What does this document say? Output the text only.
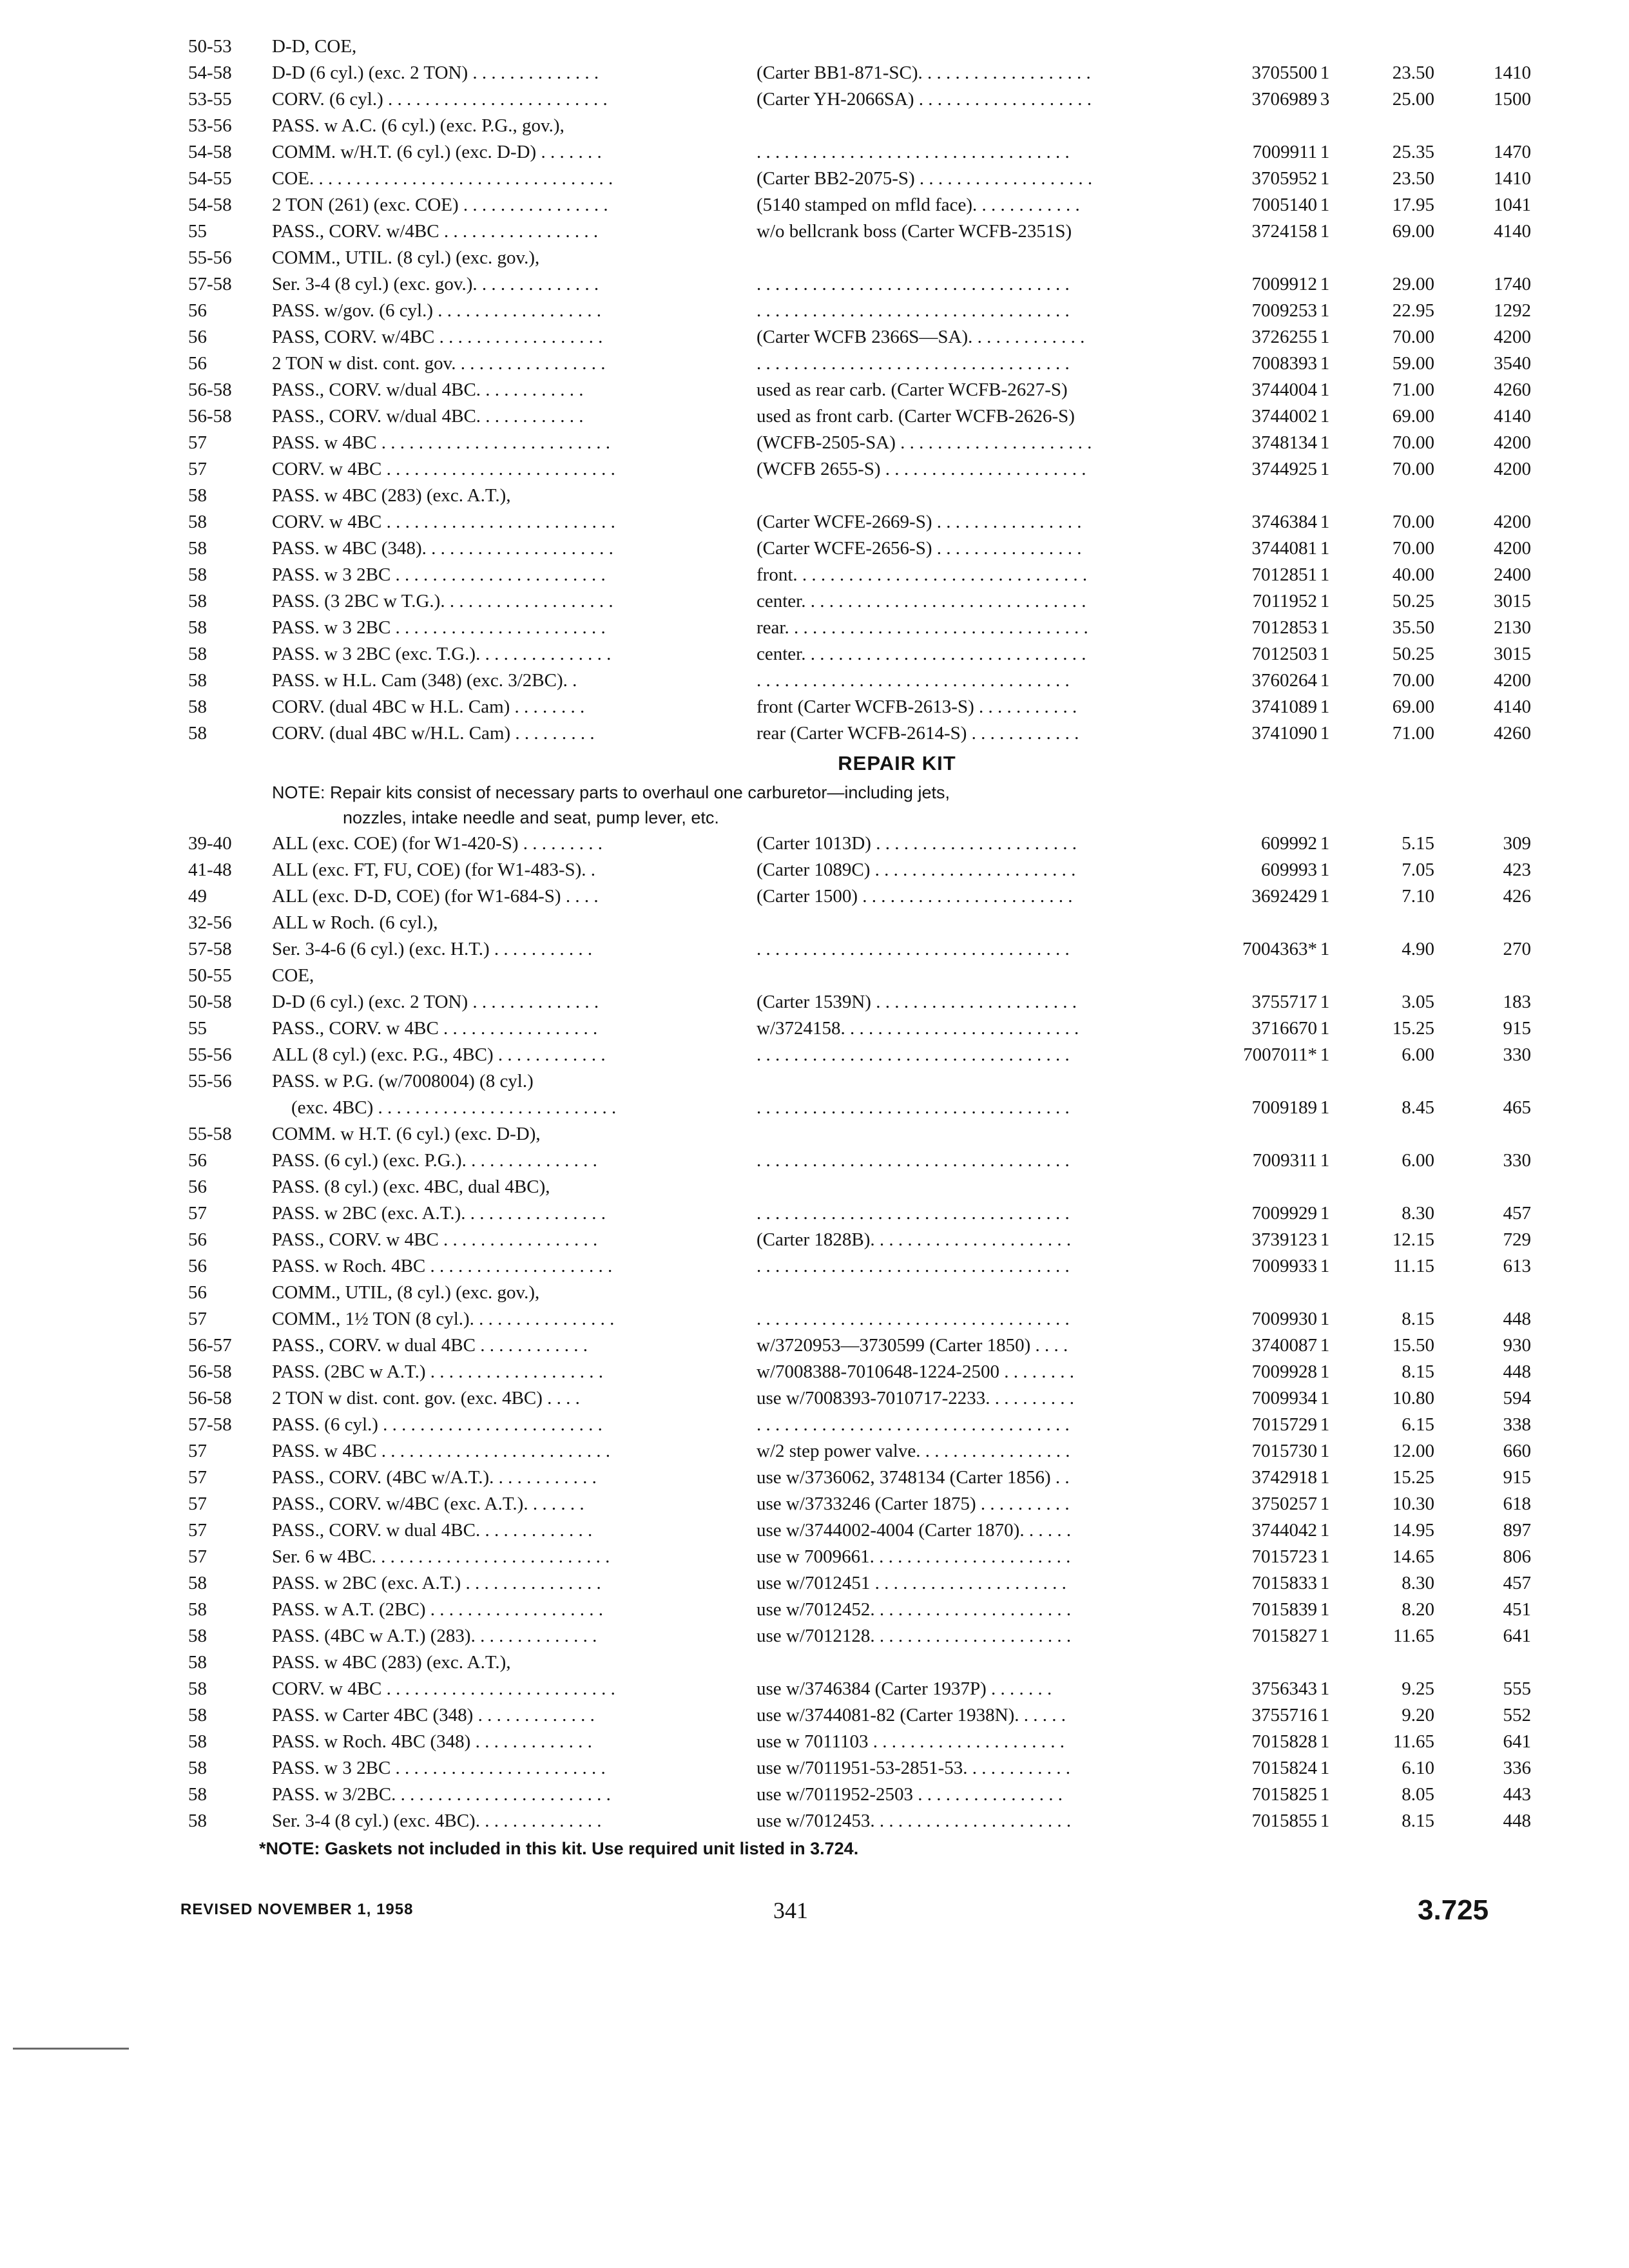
50-53 D-D, COE,
54-58 D-D (6 cyl.) (exc. 2 TON) . . . . . . . . . . . . . .	(Carter BB1-871-SC). . . . . . . . . . . . . . . . . . .	3705500 1	23.50	1410
53-55 CORV. (6 cyl.) . . . . . . . . . . . . . . . . . . . . . . . .	(Carter YH-2066SA) . . . . . . . . . . . . . . . . . . .	3706989 3	25.00	1500
53-56 PASS. w A.C. (6 cyl.) (exc. P.G., gov.),
54-58 COMM. w/H.T. (6 cyl.) (exc. D-D) . . . . . . .	. . . . . . . . . . . . . . . . . . . . . . . . . . . . . . . . . .	7009911 1	25.35	1470
54-55 COE. . . . . . . . . . . . . . . . . . . . . . . . . . . . . . . . .	(Carter BB2-2075-S) . . . . . . . . . . . . . . . . . . .	3705952 1	23.50	1410
54-58 2 TON (261) (exc. COE) . . . . . . . . . . . . . . . .	(5140 stamped on mfld face). . . . . . . . . . . .	7005140 1	17.95	1041
55	PASS., CORV. w/4BC . . . . . . . . . . . . . . . . .	w/o bellcrank boss (Carter WCFB-2351S)	3724158 1	69.00	4140
55-56 COMM., UTIL. (8 cyl.) (exc. gov.),
57-58 Ser. 3-4 (8 cyl.) (exc. gov.). . . . . . . . . . . . . .	. . . . . . . . . . . . . . . . . . . . . . . . . . . . . . . . . .	7009912 1	29.00	1740
56	PASS. w/gov. (6 cyl.) . . . . . . . . . . . . . . . . . .	. . . . . . . . . . . . . . . . . . . . . . . . . . . . . . . . . .	7009253 1	22.95	1292
56	PASS, CORV. w/4BC . . . . . . . . . . . . . . . . . .	(Carter WCFB 2366S—SA). . . . . . . . . . . . .	3726255 1	70.00	4200
56	2 TON w dist. cont. gov. . . . . . . . . . . . . . . . .	. . . . . . . . . . . . . . . . . . . . . . . . . . . . . . . . . .	7008393 1	59.00	3540
56-58 PASS., CORV. w/dual 4BC. . . . . . . . . . . .	used as rear carb. (Carter WCFB-2627-S)	3744004 1	71.00	4260
56-58 PASS., CORV. w/dual 4BC. . . . . . . . . . . .	used as front carb. (Carter WCFB-2626-S)	3744002 1	69.00	4140
57	PASS. w 4BC . . . . . . . . . . . . . . . . . . . . . . . . .	(WCFB-2505-SA) . . . . . . . . . . . . . . . . . . . . .	3748134 1	70.00	4200
57	CORV. w 4BC . . . . . . . . . . . . . . . . . . . . . . . . .	(WCFB 2655-S) . . . . . . . . . . . . . . . . . . . . . .	3744925 1	70.00	4200
58	PASS. w 4BC (283) (exc. A.T.),
58	CORV. w 4BC . . . . . . . . . . . . . . . . . . . . . . . . .	(Carter WCFE-2669-S) . . . . . . . . . . . . . . . .	3746384 1	70.00	4200
58	PASS. w 4BC (348). . . . . . . . . . . . . . . . . . . . .	(Carter WCFE-2656-S) . . . . . . . . . . . . . . . .	3744081 1	70.00	4200
58	PASS. w 3 2BC . . . . . . . . . . . . . . . . . . . . . . .	front. . . . . . . . . . . . . . . . . . . . . . . . . . . . . . . .	7012851 1	40.00	2400
58	PASS. (3 2BC w T.G.). . . . . . . . . . . . . . . . . . .	center. . . . . . . . . . . . . . . . . . . . . . . . . . . . . . .	7011952 1	50.25	3015
58	PASS. w 3 2BC . . . . . . . . . . . . . . . . . . . . . . .	rear. . . . . . . . . . . . . . . . . . . . . . . . . . . . . . . . .	7012853 1	35.50	2130
58	PASS. w 3 2BC (exc. T.G.). . . . . . . . . . . . . . .	center. . . . . . . . . . . . . . . . . . . . . . . . . . . . . . .	7012503 1	50.25	3015
58	PASS. w H.L. Cam (348) (exc. 3/2BC). .	. . . . . . . . . . . . . . . . . . . . . . . . . . . . . . . . . .	3760264 1	70.00	4200
58	CORV. (dual 4BC w H.L. Cam) . . . . . . . .	front (Carter WCFB-2613-S) . . . . . . . . . . .	3741089 1	69.00	4140
58	CORV. (dual 4BC w/H.L. Cam) . . . . . . . . .	rear (Carter WCFB-2614-S) . . . . . . . . . . . .	3741090 1	71.00	4260
REPAIR KIT
NOTE: Repair kits consist of necessary parts to overhaul one carburetor—including jets,
nozzles, intake needle and seat, pump lever, etc.
39-40 ALL (exc. COE) (for W1-420-S) . . . . . . . . .	(Carter 1013D) . . . . . . . . . . . . . . . . . . . . . .	609992 1	5.15	309
41-48 ALL (exc. FT, FU, COE) (for W1-483-S). .	(Carter 1089C) . . . . . . . . . . . . . . . . . . . . . .	609993 1	7.05	423
49	ALL (exc. D-D, COE) (for W1-684-S) . . . .	(Carter 1500) . . . . . . . . . . . . . . . . . . . . . . .	3692429 1	7.10	426
32-56 ALL w Roch. (6 cyl.),
57-58 Ser. 3-4-6 (6 cyl.) (exc. H.T.) . . . . . . . . . . .	. . . . . . . . . . . . . . . . . . . . . . . . . . . . . . . . . .	7004363* 1	4.90	270
50-55 COE,
50-58 D-D (6 cyl.) (exc. 2 TON) . . . . . . . . . . . . . .	(Carter 1539N) . . . . . . . . . . . . . . . . . . . . . .	3755717 1	3.05	183
55	PASS., CORV. w 4BC . . . . . . . . . . . . . . . . .	w/3724158. . . . . . . . . . . . . . . . . . . . . . . . . .	3716670 1	15.25	915
55-56 ALL (8 cyl.) (exc. P.G., 4BC) . . . . . . . . . . . .	. . . . . . . . . . . . . . . . . . . . . . . . . . . . . . . . . .	7007011* 1	6.00	330
55-56 PASS. w P.G. (w/7008004) (8 cyl.)
(exc. 4BC) . . . . . . . . . . . . . . . . . . . . . . . . . .	. . . . . . . . . . . . . . . . . . . . . . . . . . . . . . . . . .	7009189 1	8.45	465
55-58 COMM. w H.T. (6 cyl.) (exc. D-D),
56	PASS. (6 cyl.) (exc. P.G.). . . . . . . . . . . . . . .	. . . . . . . . . . . . . . . . . . . . . . . . . . . . . . . . . .	7009311 1	6.00	330
56	PASS. (8 cyl.) (exc. 4BC, dual 4BC),
57	PASS. w 2BC (exc. A.T.). . . . . . . . . . . . . . . .	. . . . . . . . . . . . . . . . . . . . . . . . . . . . . . . . . .	7009929 1	8.30	457
56	PASS., CORV. w 4BC . . . . . . . . . . . . . . . . .	(Carter 1828B). . . . . . . . . . . . . . . . . . . . . .	3739123 1	12.15	729
56	PASS. w Roch. 4BC . . . . . . . . . . . . . . . . . . . .	. . . . . . . . . . . . . . . . . . . . . . . . . . . . . . . . . .	7009933 1	11.15	613
56	COMM., UTIL, (8 cyl.) (exc. gov.),
57	COMM., 1½ TON (8 cyl.). . . . . . . . . . . . . . . .	. . . . . . . . . . . . . . . . . . . . . . . . . . . . . . . . . .	7009930 1	8.15	448
56-57 PASS., CORV. w dual 4BC . . . . . . . . . . . .	w/3720953—3730599 (Carter 1850) . . . .	3740087 1	15.50	930
56-58 PASS. (2BC w A.T.) . . . . . . . . . . . . . . . . . . .	w/7008388-7010648-1224-2500 . . . . . . . .	7009928 1	8.15	448
56-58 2 TON w dist. cont. gov. (exc. 4BC) . . . .	use w/7008393-7010717-2233. . . . . . . . . .	7009934 1	10.80	594
57-58 PASS. (6 cyl.) . . . . . . . . . . . . . . . . . . . . . . . .	. . . . . . . . . . . . . . . . . . . . . . . . . . . . . . . . . .	7015729 1	6.15	338
57	PASS. w 4BC . . . . . . . . . . . . . . . . . . . . . . . . .	w/2 step power valve. . . . . . . . . . . . . . . . .	7015730 1	12.00	660
57	PASS., CORV. (4BC w/A.T.). . . . . . . . . . . .	use w/3736062, 3748134 (Carter 1856) . .	3742918 1	15.25	915
57	PASS., CORV. w/4BC (exc. A.T.). . . . . . .	use w/3733246 (Carter 1875) . . . . . . . . . .	3750257 1	10.30	618
57	PASS., CORV. w dual 4BC. . . . . . . . . . . . .	use w/3744002-4004 (Carter 1870). . . . . .	3744042 1	14.95	897
57	Ser. 6 w 4BC. . . . . . . . . . . . . . . . . . . . . . . . . .	use w 7009661. . . . . . . . . . . . . . . . . . . . . .	7015723 1	14.65	806
58	PASS. w 2BC (exc. A.T.) . . . . . . . . . . . . . . .	use w/7012451 . . . . . . . . . . . . . . . . . . . . .	7015833 1	8.30	457
58	PASS. w A.T. (2BC) . . . . . . . . . . . . . . . . . . .	use w/7012452. . . . . . . . . . . . . . . . . . . . . .	7015839 1	8.20	451
58	PASS. (4BC w A.T.) (283). . . . . . . . . . . . . .	use w/7012128. . . . . . . . . . . . . . . . . . . . . .	7015827 1	11.65	641
58	PASS. w 4BC (283) (exc. A.T.),
58	CORV. w 4BC . . . . . . . . . . . . . . . . . . . . . . . . .	use w/3746384 (Carter 1937P) . . . . . . .	3756343 1	9.25	555
58	PASS. w Carter 4BC (348) . . . . . . . . . . . . .	use w/3744081-82 (Carter 1938N). . . . . .	3755716 1	9.20	552
58	PASS. w Roch. 4BC (348) . . . . . . . . . . . . .	use w 7011103 . . . . . . . . . . . . . . . . . . . . .	7015828 1	11.65	641
58	PASS. w 3 2BC . . . . . . . . . . . . . . . . . . . . . . .	use w/7011951-53-2851-53. . . . . . . . . . . .	7015824 1	6.10	336
58	PASS. w 3/2BC. . . . . . . . . . . . . . . . . . . . . . . .	use w/7011952-2503 . . . . . . . . . . . . . . . .	7015825 1	8.05	443
58	Ser. 3-4 (8 cyl.) (exc. 4BC). . . . . . . . . . . . . .	use w/7012453. . . . . . . . . . . . . . . . . . . . . .	7015855 1	8.15	448
*NOTE: Gaskets not included in this kit. Use required unit listed in 3.724.
REVISED NOVEMBER 1, 1958	341	3.725
